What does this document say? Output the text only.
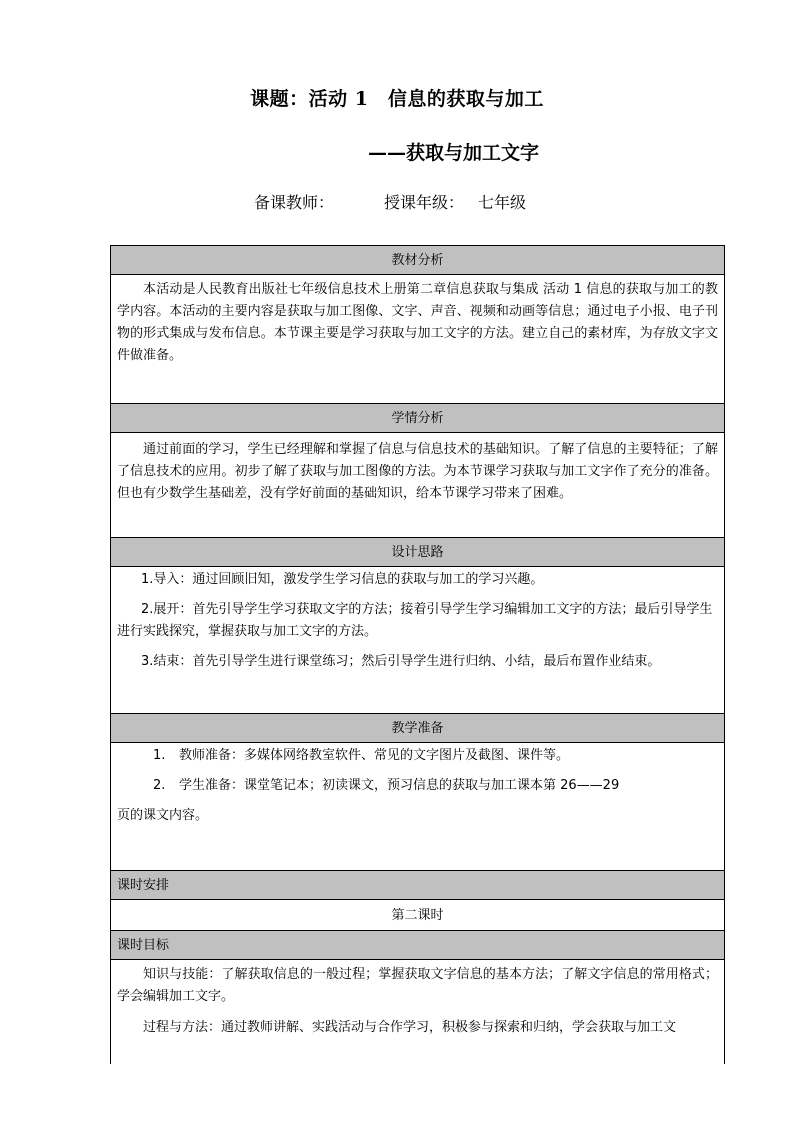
课题：活动 1　信息的获取与加工
——获取与加工文字
备课教师：	授课年级： 七年级
教材分析

本活动是人民教育出版社七年级信息技术上册第二章信息获取与集成 活动 1 信息的获取与加工的教学内容。本活动的主要内容是获取与加工图像、文字、声音、视频和动画等信息；通过电子小报、电子刊物的形式集成与发布信息。本节课主要是学习获取与加工文字的方法。建立自己的素材库，为存放文字文件做准备。

学情分析

通过前面的学习，学生已经理解和掌握了信息与信息技术的基础知识。了解了信息的主要特征；了解了信息技术的应用。初步了解了获取与加工图像的方法。为本节课学习获取与加工文字作了充分的准备。但也有少数学生基础差，没有学好前面的基础知识，给本节课学习带来了困难。

设计思路

1.导入：通过回顾旧知，激发学生学习信息的获取与加工的学习兴趣。

2.展开：首先引导学生学习获取文字的方法；接着引导学生学习编辑加工文字的方法；最后引导学生进行实践探究，掌握获取与加工文字的方法。

3.结束：首先引导学生进行课堂练习；然后引导学生进行归纳、小结，最后布置作业结束。

教学准备

1. 教师准备：多媒体网络教室软件、常见的文字图片及截图、课件等。

2. 学生准备：课堂笔记本；初读课文，预习信息的获取与加工课本第 26——29

页的课文内容。

课时安排
第二课时
课时目标

知识与技能：了解获取信息的一般过程；掌握获取文字信息的基本方法；了解文字信息的常用格式；学会编辑加工文字。

过程与方法：通过教师讲解、实践活动与合作学习，积极参与探索和归纳，学会获取与加工文
